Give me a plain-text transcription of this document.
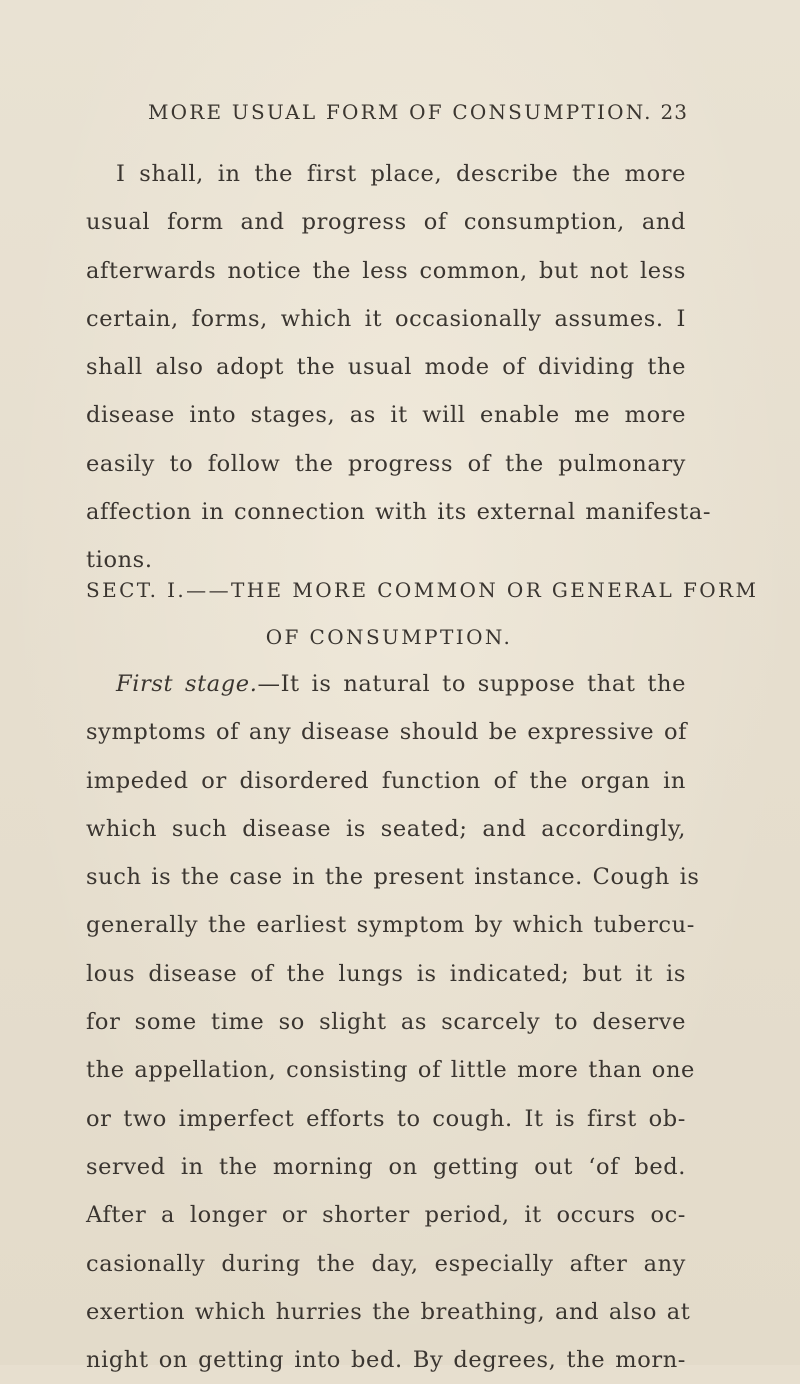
MORE USUAL FORM OF CONSUMPTION. 23
I shall, in the first place, describe the more
usual form and progress of consumption, and
afterwards notice the less common, but not less
certain, forms, which it occasionally assumes. I
shall also adopt the usual mode of dividing the
disease into stages, as it will enable me more
easily to follow the progress of the pulmonary
affection in connection with its external manifesta-
tions.
SECT. I.——THE MORE COMMON OR GENERAL FORM
OF CONSUMPTION.
First stage.—It is natural to suppose that the
symptoms of any disease should be expressive of
impeded or disordered function of the organ in
which such disease is seated; and accordingly,
such is the case in the present instance. Cough is
generally the earliest symptom by which tubercu-
lous disease of the lungs is indicated; but it is
for some time so slight as scarcely to deserve
the appellation, consisting of little more than one
or two imperfect efforts to cough. It is first ob-
served in the morning on getting out ‘of bed.
After a longer or shorter period, it occurs oc-
casionally during the day, especially after any
exertion which hurries the breathing, and also at
night on getting into bed. By degrees, the morn-
